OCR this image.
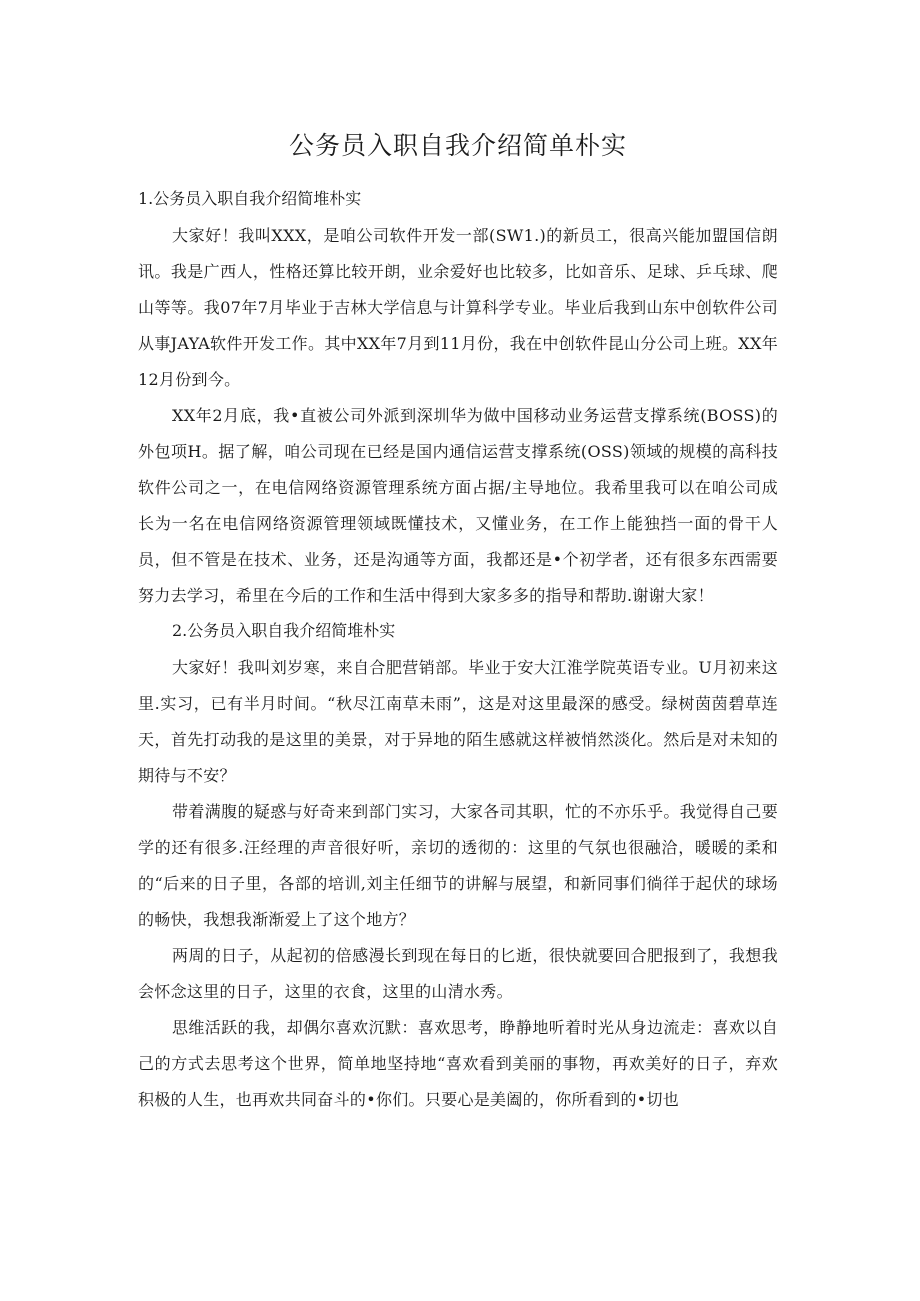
公务员入职自我介绍简单朴实

1.公务员入职自我介绍简堆朴实

大家好！我叫XXX，是咱公司软件开发一部(SW1.)的新员工，很高兴能加盟国信朗讯。我是广西人，性格还算比较开朗，业余爱好也比较多，比如音乐、足球、乒乓球、爬山等等。我07年7月毕业于吉林大学信息与计算科学专业。毕业后我到山东中创软件公司从事JAYA软件开发工作。其中XX年7月到11月份，我在中创软件昆山分公司上班。XX年12月份到今。

XX年2月底，我•直被公司外派到深圳华为做中国移动业务运营支撑系统(BOSS)的外包项H。据了解，咱公司现在已经是国内通信运营支撑系统(OSS)领域的规模的高科技软件公司之一，在电信网络资源管理系统方面占据/主导地位。我希里我可以在咱公司成长为一名在电信网络资源管理领域既懂技术，又懂业务，在工作上能独挡一面的骨干人员，但不管是在技术、业务，还是沟通等方面，我都还是•个初学者，还有很多东西需要努力去学习，希里在今后的工作和生活中得到大家多多的指导和帮助.谢谢大家！

2.公务员入职自我介绍简堆朴实

大家好！我叫刘岁寒，来自合肥营销部。毕业于安大江淮学院英语专业。U月初来这里.实习，已有半月时间。“秋尽江南草未雨”，这是对这里最深的感受。绿树茵茵碧草连天，首先打动我的是这里的美景，对于异地的陌生感就这样被悄然淡化。然后是对未知的期待与不安？

带着满腹的疑惑与好奇来到部门实习，大家各司其职，忙的不亦乐乎。我觉得自己要学的还有很多.汪经理的声音很好听，亲切的透彻的：这里的气氛也很融洽，暖暖的柔和的“后来的日子里，各部的培训,刘主任细节的讲解与展望，和新同事们徜徉于起伏的球场的畅快，我想我渐渐爱上了这个地方？

两周的日子，从起初的倍感漫长到现在每日的匕逝，很快就要回合肥报到了，我想我会怀念这里的日子，这里的衣食，这里的山清水秀。

思维活跃的我，却偶尔喜欢沉默：喜欢思考，睁静地听着时光从身边流走：喜欢以自己的方式去思考这个世界，简单地坚持地“喜欢看到美丽的事物，再欢美好的日子，弃欢积极的人生，也再欢共同奋斗的•你们。只要心是美阖的，你所看到的•切也
